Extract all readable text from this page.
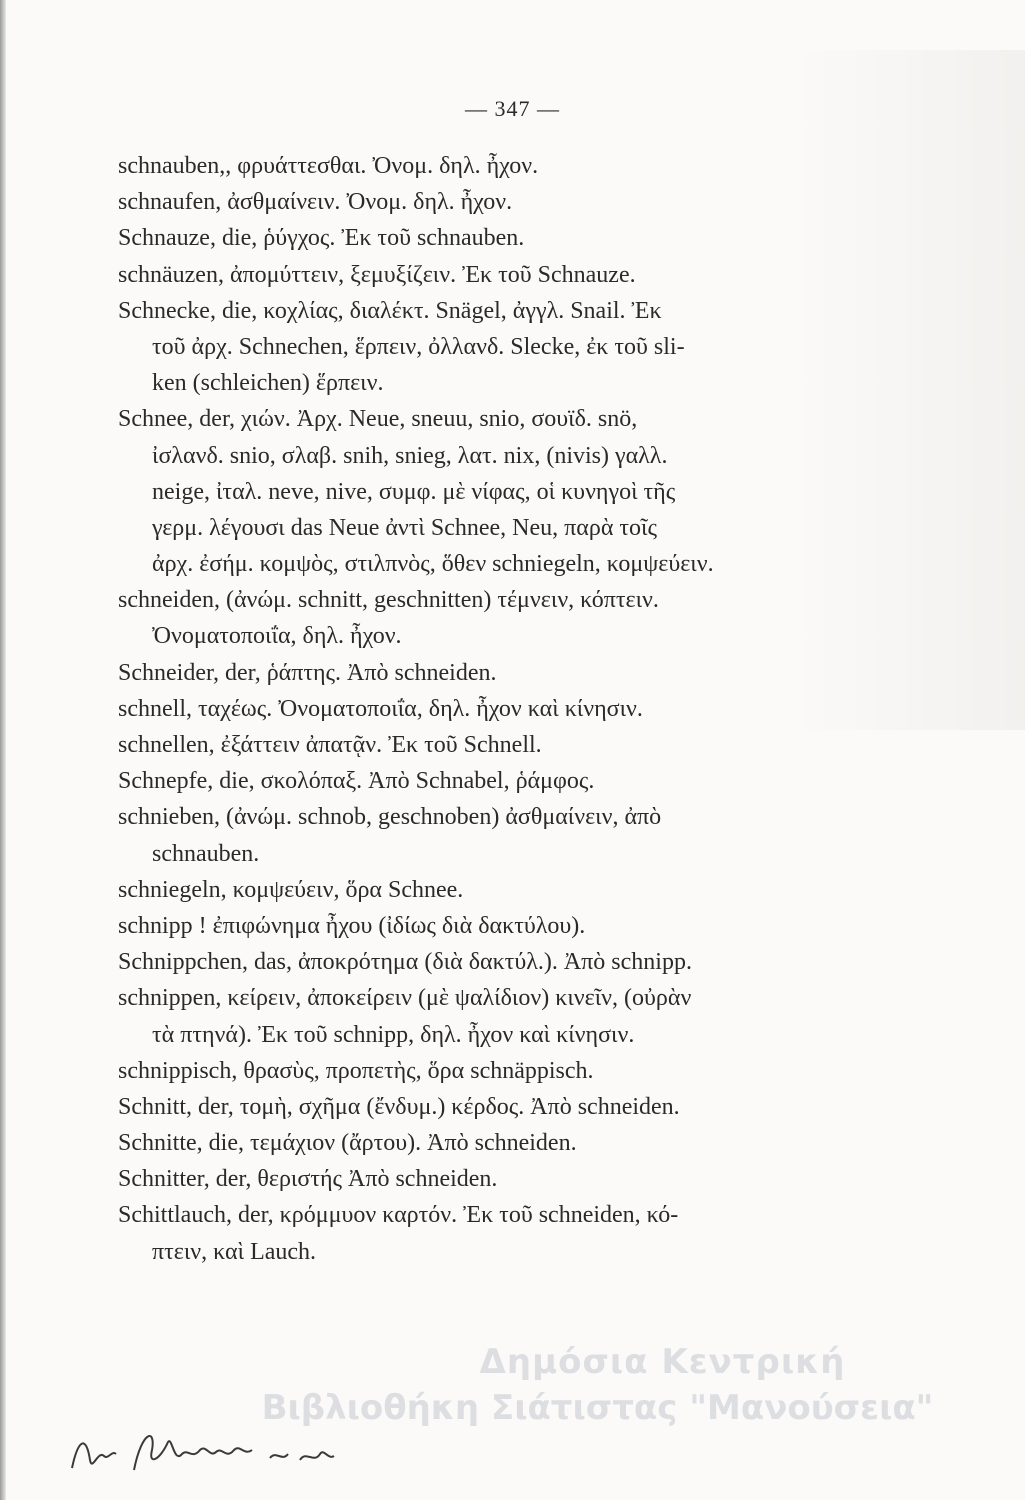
— 347 —
schnauben,, φρυάττεσθαι. Ὀνομ. δηλ. ἦχον.
schnaufen, ἀσθμαίνειν. Ὀνομ. δηλ. ἦχον.
Schnauze, die, ῥύγχος. Ἐκ τοῦ schnauben.
schnäuzen, ἀπομύττειν, ξεμυξίζειν. Ἐκ τοῦ Schnauze.
Schnecke, die, κοχλίας, διαλέκτ. Snägel, ἀγγλ. Snail. Ἐκ
τοῦ ἀρχ. Schnechen, ἕρπειν, ὀλλανδ. Slecke, ἐκ τοῦ sli-
ken (schleichen) ἕρπειν.
Schnee, der, χιών. Ἀρχ. Neue, sneuu, snio, σουϊδ. snö,
ἰσλανδ. snio, σλαβ. snih, snieg, λατ. nix, (nivis) γαλλ.
neige, ἰταλ. neve, nive, συμφ. μὲ νίφας, οἱ κυνηγοὶ τῆς
γερμ. λέγουσι das Neue ἀντὶ Schnee, Neu, παρὰ τοῖς
ἀρχ. ἐσήμ. κομψὸς, στιλπνὸς, ὅθεν schniegeln, κομψεύειν.
schneiden, (ἀνώμ. schnitt, geschnitten) τέμνειν, κόπτειν.
Ὀνοματοποιΐα, δηλ. ἦχον.
Schneider, der, ῥάπτης. Ἀπὸ schneiden.
schnell, ταχέως. Ὀνοματοποιΐα, δηλ. ἦχον καὶ κίνησιν.
schnellen, ἐξάττειν ἀπατᾷν. Ἐκ τοῦ Schnell.
Schnepfe, die, σκολόπαξ. Ἀπὸ Schnabel, ῥάμφος.
schnieben, (ἀνώμ. schnob, geschnoben) ἀσθμαίνειν, ἀπὸ
schnauben.
schniegeln, κομψεύειν, ὅρα Schnee.
schnipp ! ἐπιφώνημα ἦχου (ἰδίως διὰ δακτύλου).
Schnippchen, das, ἀποκρότημα (διὰ δακτύλ.). Ἀπὸ schnipp.
schnippen, κείρειν, ἀποκείρειν (μὲ ψαλίδιον) κινεῖν, (οὐρὰν
τὰ πτηνά). Ἐκ τοῦ schnipp, δηλ. ἦχον καὶ κίνησιν.
schnippisch, θρασὺς, προπετὴς, ὅρα schnäppisch.
Schnitt, der, τομὴ, σχῆμα (ἔνδυμ.) κέρδος. Ἀπὸ schneiden.
Schnitte, die, τεμάχιον (ἄρτου). Ἀπὸ schneiden.
Schnitter, der, θεριστής Ἀπὸ schneiden.
Schittlauch, der, κρόμμυον καρτόν. Ἐκ τοῦ schneiden, κό-
πτειν, καὶ Lauch.
Δημόσια Κεντρική
Βιβλιοθήκη Σιάτιστας "Μανούσεια"
